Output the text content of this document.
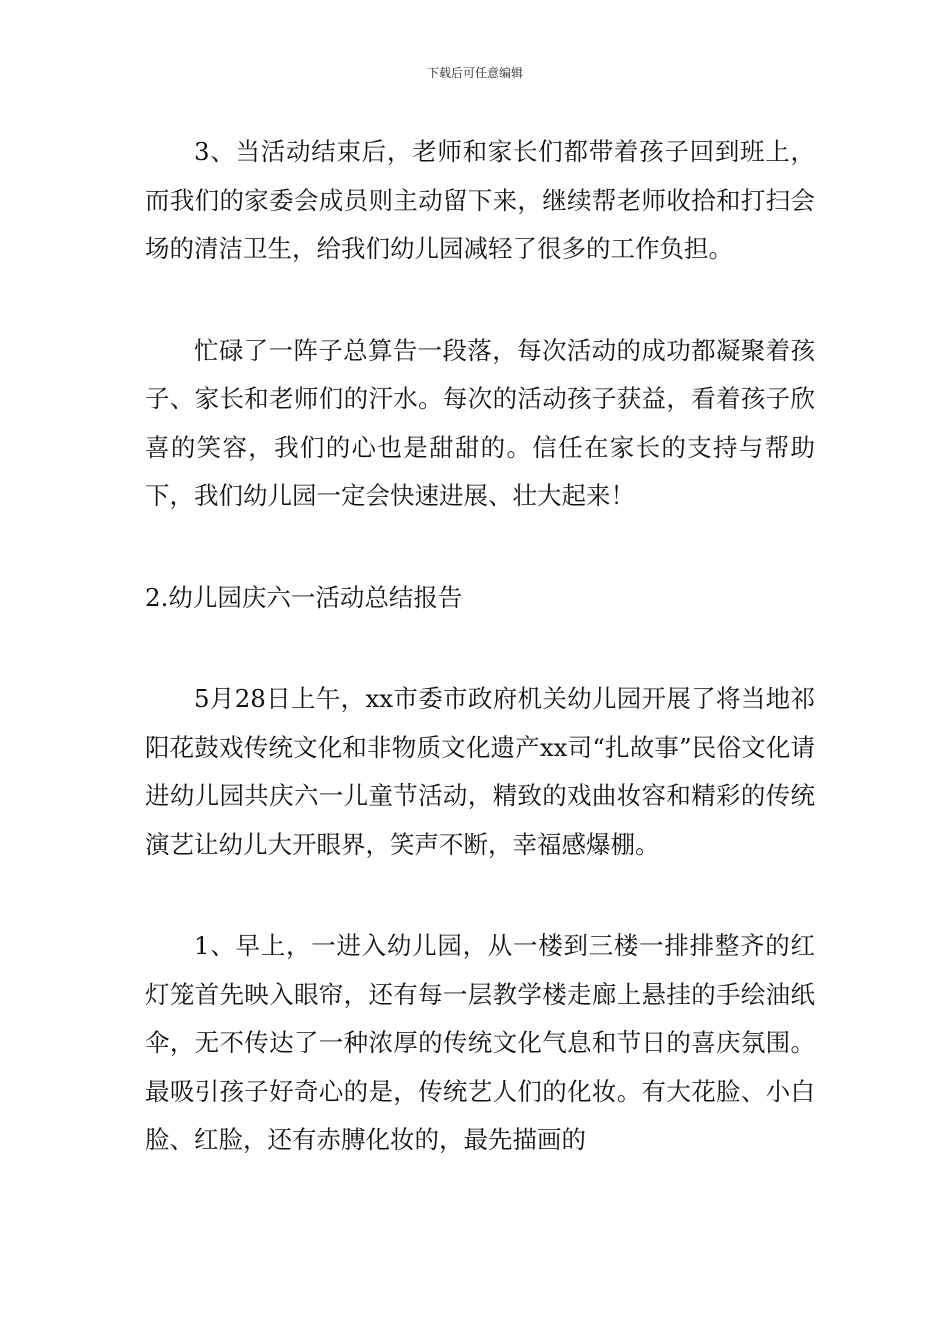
下载后可任意编辑

3、当活动结束后，老师和家长们都带着孩子回到班上，而我们的家委会成员则主动留下来，继续帮老师收拾和打扫会场的清洁卫生，给我们幼儿园减轻了很多的工作负担。

忙碌了一阵子总算告一段落，每次活动的成功都凝聚着孩子、家长和老师们的汗水。每次的活动孩子获益，看着孩子欣喜的笑容，我们的心也是甜甜的。信任在家长的支持与帮助下，我们幼儿园一定会快速进展、壮大起来！

2.幼儿园庆六一活动总结报告

5月28日上午，xx市委市政府机关幼儿园开展了将当地祁阳花鼓戏传统文化和非物质文化遗产xx司“扎故事”民俗文化请进幼儿园共庆六一儿童节活动，精致的戏曲妆容和精彩的传统演艺让幼儿大开眼界，笑声不断，幸福感爆棚。

1、早上，一进入幼儿园，从一楼到三楼一排排整齐的红灯笼首先映入眼帘，还有每一层教学楼走廊上悬挂的手绘油纸伞，无不传达了一种浓厚的传统文化气息和节日的喜庆氛围。最吸引孩子好奇心的是，传统艺人们的化妆。有大花脸、小白脸、红脸，还有赤膊化妆的，最先描画的
